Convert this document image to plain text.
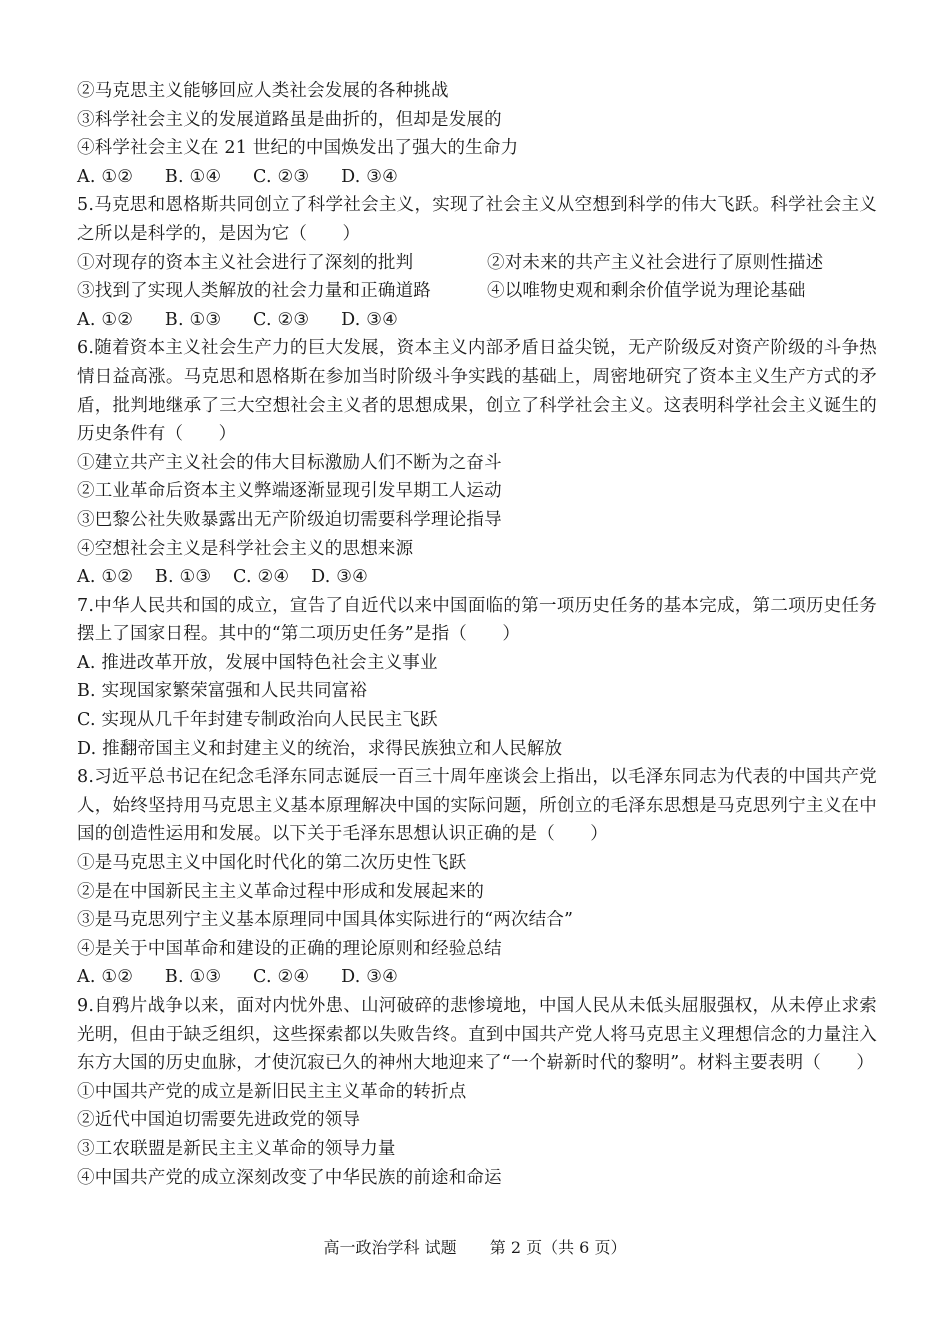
②马克思主义能够回应人类社会发展的各种挑战
③科学社会主义的发展道路虽是曲折的，但却是发展的
④科学社会主义在 21 世纪的中国焕发出了强大的生命力
A. ①② B. ①④ C. ②③ D. ③④
5.马克思和恩格斯共同创立了科学社会主义，实现了社会主义从空想到科学的伟大飞跃。科学社会主义之所以是科学的，是因为它（　　）
①对现存的资本主义社会进行了深刻的批判	②对未来的共产主义社会进行了原则性描述
③找到了实现人类解放的社会力量和正确道路	④以唯物史观和剩余价值学说为理论基础
A. ①② B. ①③ C. ②③ D. ③④
6.随着资本主义社会生产力的巨大发展，资本主义内部矛盾日益尖锐，无产阶级反对资产阶级的斗争热情日益高涨。马克思和恩格斯在参加当时阶级斗争实践的基础上，周密地研究了资本主义生产方式的矛盾，批判地继承了三大空想社会主义者的思想成果，创立了科学社会主义。这表明科学社会主义诞生的历史条件有（　　）
①建立共产主义社会的伟大目标激励人们不断为之奋斗
②工业革命后资本主义弊端逐渐显现引发早期工人运动
③巴黎公社失败暴露出无产阶级迫切需要科学理论指导
④空想社会主义是科学社会主义的思想来源
A. ①② B. ①③ C. ②④ D. ③④
7.中华人民共和国的成立，宣告了自近代以来中国面临的第一项历史任务的基本完成，第二项历史任务摆上了国家日程。其中的“第二项历史任务”是指（　　）
A. 推进改革开放，发展中国特色社会主义事业
B. 实现国家繁荣富强和人民共同富裕
C. 实现从几千年封建专制政治向人民民主飞跃
D. 推翻帝国主义和封建主义的统治，求得民族独立和人民解放
8.习近平总书记在纪念毛泽东同志诞辰一百三十周年座谈会上指出，以毛泽东同志为代表的中国共产党人，始终坚持用马克思主义基本原理解决中国的实际问题，所创立的毛泽东思想是马克思列宁主义在中国的创造性运用和发展。以下关于毛泽东思想认识正确的是（　　）
①是马克思主义中国化时代化的第二次历史性飞跃
②是在中国新民主主义革命过程中形成和发展起来的
③是马克思列宁主义基本原理同中国具体实际进行的“两次结合”
④是关于中国革命和建设的正确的理论原则和经验总结
A. ①② B. ①③ C. ②④ D. ③④
9.自鸦片战争以来，面对内忧外患、山河破碎的悲惨境地，中国人民从未低头屈服强权，从未停止求索光明，但由于缺乏组织，这些探索都以失败告终。直到中国共产党人将马克思主义理想信念的力量注入东方大国的历史血脉，才使沉寂已久的神州大地迎来了“一个崭新时代的黎明”。材料主要表明（　　）
①中国共产党的成立是新旧民主主义革命的转折点
②近代中国迫切需要先进政党的领导
③工农联盟是新民主主义革命的领导力量
④中国共产党的成立深刻改变了中华民族的前途和命运
高一政治学科 试题 第 2 页（共 6 页）
